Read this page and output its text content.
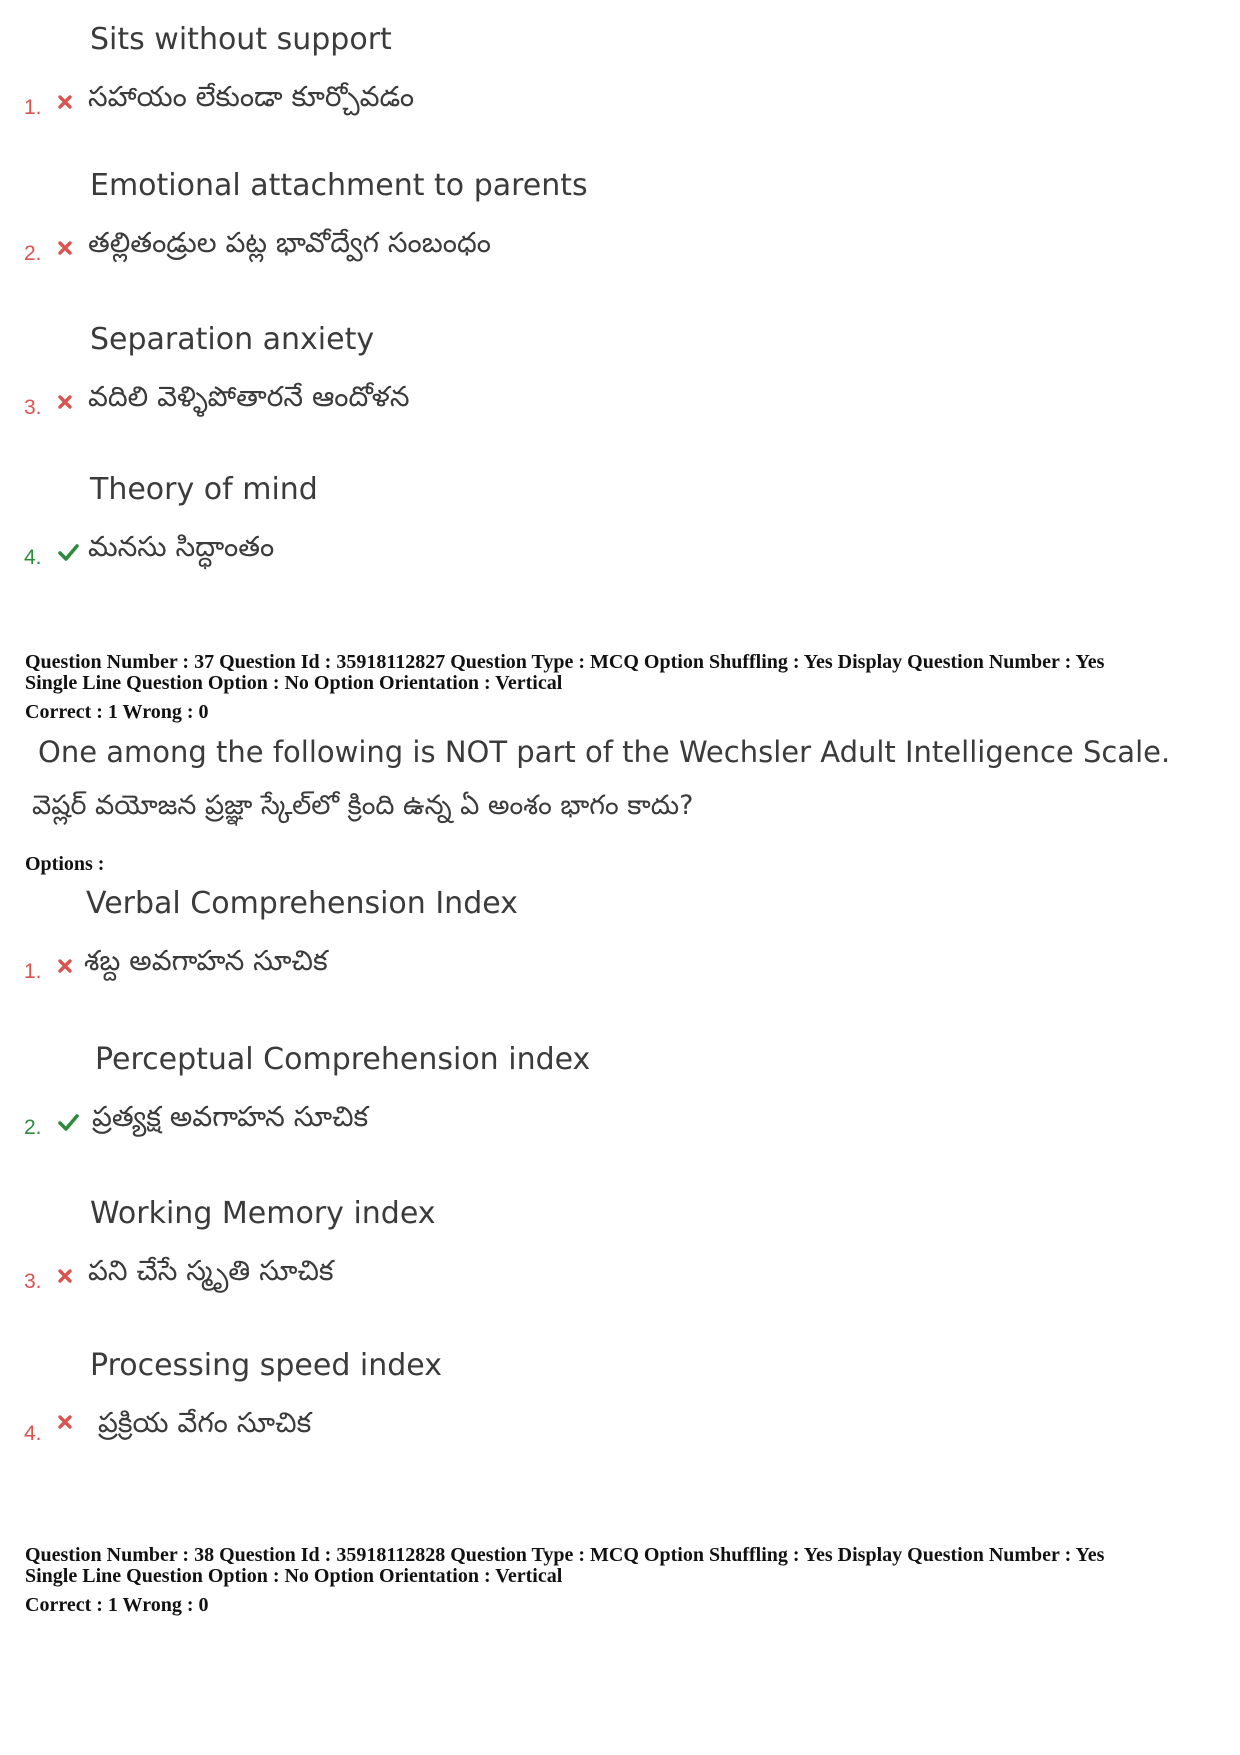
Sits without support
సహాయం లేకుండా కూర్చోవడం
1.
Emotional attachment to parents
తల్లితండ్రుల పట్ల భావోద్వేగ సంబంధం
2.
Separation anxiety
వదిలి వెళ్ళిపోతారనే ఆందోళన
3.
Theory of mind
మనసు సిద్ధాంతం
4.
Question Number : 37 Question Id : 35918112827 Question Type : MCQ Option Shuffling : Yes Display Question Number : Yes
Single Line Question Option : No Option Orientation : Vertical
Correct : 1 Wrong : 0
One among the following is NOT part of the Wechsler Adult Intelligence Scale.
వెష్లర్ వయోజన ప్రజ్ఞా స్కేల్‌లో క్రింది ఉన్న ఏ అంశం భాగం కాదు?
Options :
Verbal Comprehension Index
శబ్ద అవగాహన సూచిక
1.
Perceptual Comprehension index
ప్రత్యక్ష అవగాహన సూచిక
2.
Working Memory index
పని చేసే స్మృతి సూచిక
3.
Processing speed index
ప్రక్రియ వేగం సూచిక
4.
Question Number : 38 Question Id : 35918112828 Question Type : MCQ Option Shuffling : Yes Display Question Number : Yes
Single Line Question Option : No Option Orientation : Vertical
Correct : 1 Wrong : 0
